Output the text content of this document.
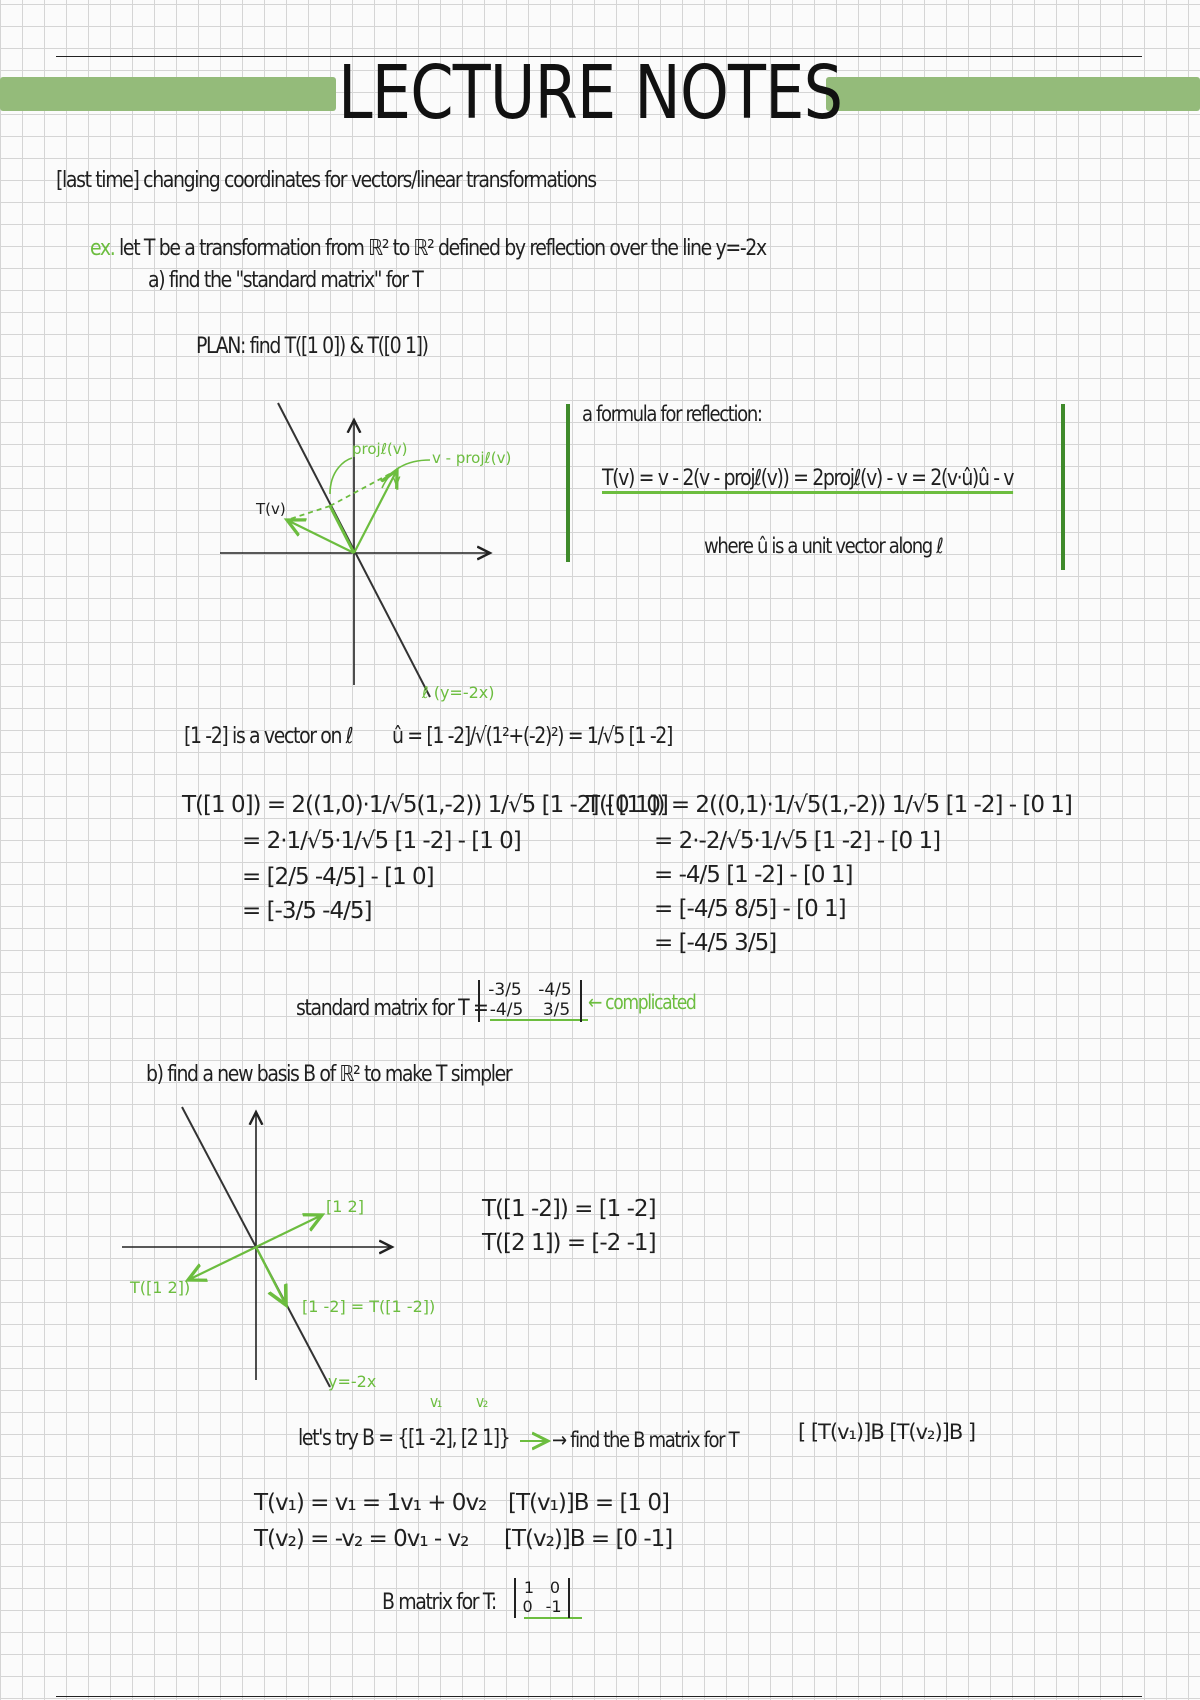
LECTURE NOTES
[last time] changing coordinates for vectors/linear transformations
ex. let T be a transformation from ℝ² to ℝ² defined by reflection over the line y=-2x
a) find the "standard matrix" for T
PLAN: find T([1 0]) & T([0 1])
projℓ(v) v - projℓ(v)
v
T(v)
ℓ (y=-2x)
[1 2]
T([1 2])
[1 -2] = T([1 -2])
y=-2x
a formula for reflection:
T(v) = v - 2(v - projℓ(v)) = 2projℓ(v) - v = 2(v·û)û - v
where û is a unit vector along ℓ
[1 -2] is a vector on ℓ û = [1 -2]/√(1²+(-2)²) = 1/√5 [1 -2]
T([1 0]) = 2((1,0)·1/√5(1,-2)) 1/√5 [1 -2] - [1 0]
= 2·1/√5·1/√5 [1 -2] - [1 0]
= [2/5 -4/5] - [1 0]
= [-3/5 -4/5]
T([0 1]) = 2((0,1)·1/√5(1,-2)) 1/√5 [1 -2] - [0 1]
= 2·-2/√5·1/√5 [1 -2] - [0 1]
= -4/5 [1 -2] - [0 1]
= [-4/5 8/5] - [0 1]
= [-4/5 3/5]
standard matrix for T =
-3/5 -4/5
-4/5 3/5 ← complicated
b) find a new basis B of ℝ² to make T simpler
T([1 -2]) = [1 -2]
T([2 1]) = [-2 -1]
v₁ v₂
let's try B = {[1 -2], [2 1]} → find the B matrix for T	[ [T(v₁)]B [T(v₂)]B ]
T(v₁) = v₁ = 1v₁ + 0v₂
T(v₂) = -v₂ = 0v₁ - v₂
[T(v₁)]B = [1 0]
[T(v₂)]B = [0 -1]
B matrix for T:
1 0
0 -1
